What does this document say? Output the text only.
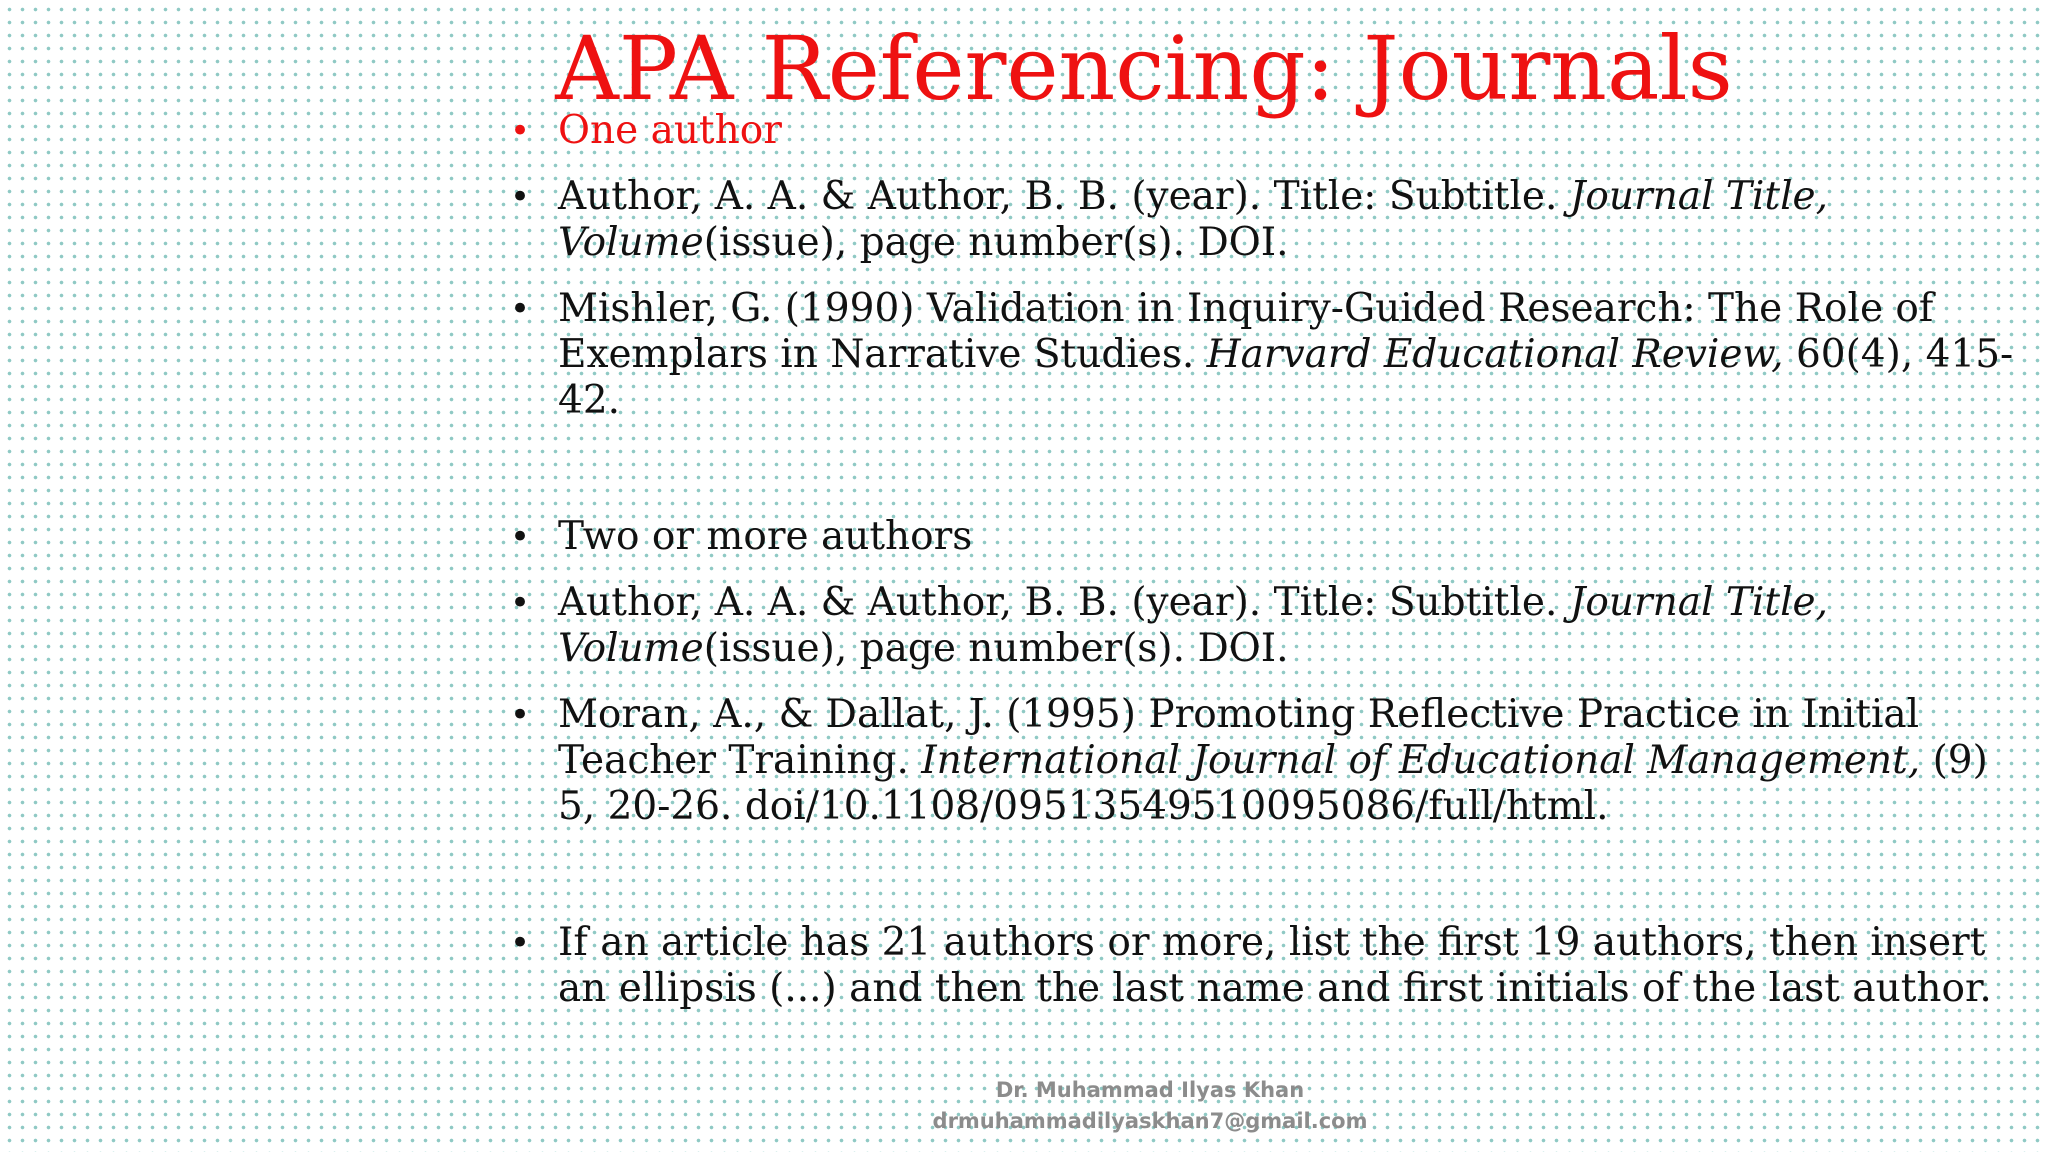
APA Referencing: Journals
• One author
• Author, A. A. & Author, B. B. (year). Title: Subtitle. Journal Title,
Volume(issue), page number(s). DOI.
• Mishler, G. (1990) Validation in Inquiry-Guided Research: The Role of
Exemplars in Narrative Studies. Harvard Educational Review, 60(4), 415-
42.
• Two or more authors
• Author, A. A. & Author, B. B. (year). Title: Subtitle. Journal Title,
Volume(issue), page number(s). DOI.
• Moran, A., & Dallat, J. (1995) Promoting Reflective Practice in Initial
Teacher Training. International Journal of Educational Management, (9)
5, 20-26. doi/10.1108/09513549510095086/full/html.
• If an article has 21 authors or more, list the first 19 authors, then insert
an ellipsis (...) and then the last name and first initials of the last author.
Dr. Muhammad Ilyas Khan
drmuhammadilyaskhan7@gmail.com
